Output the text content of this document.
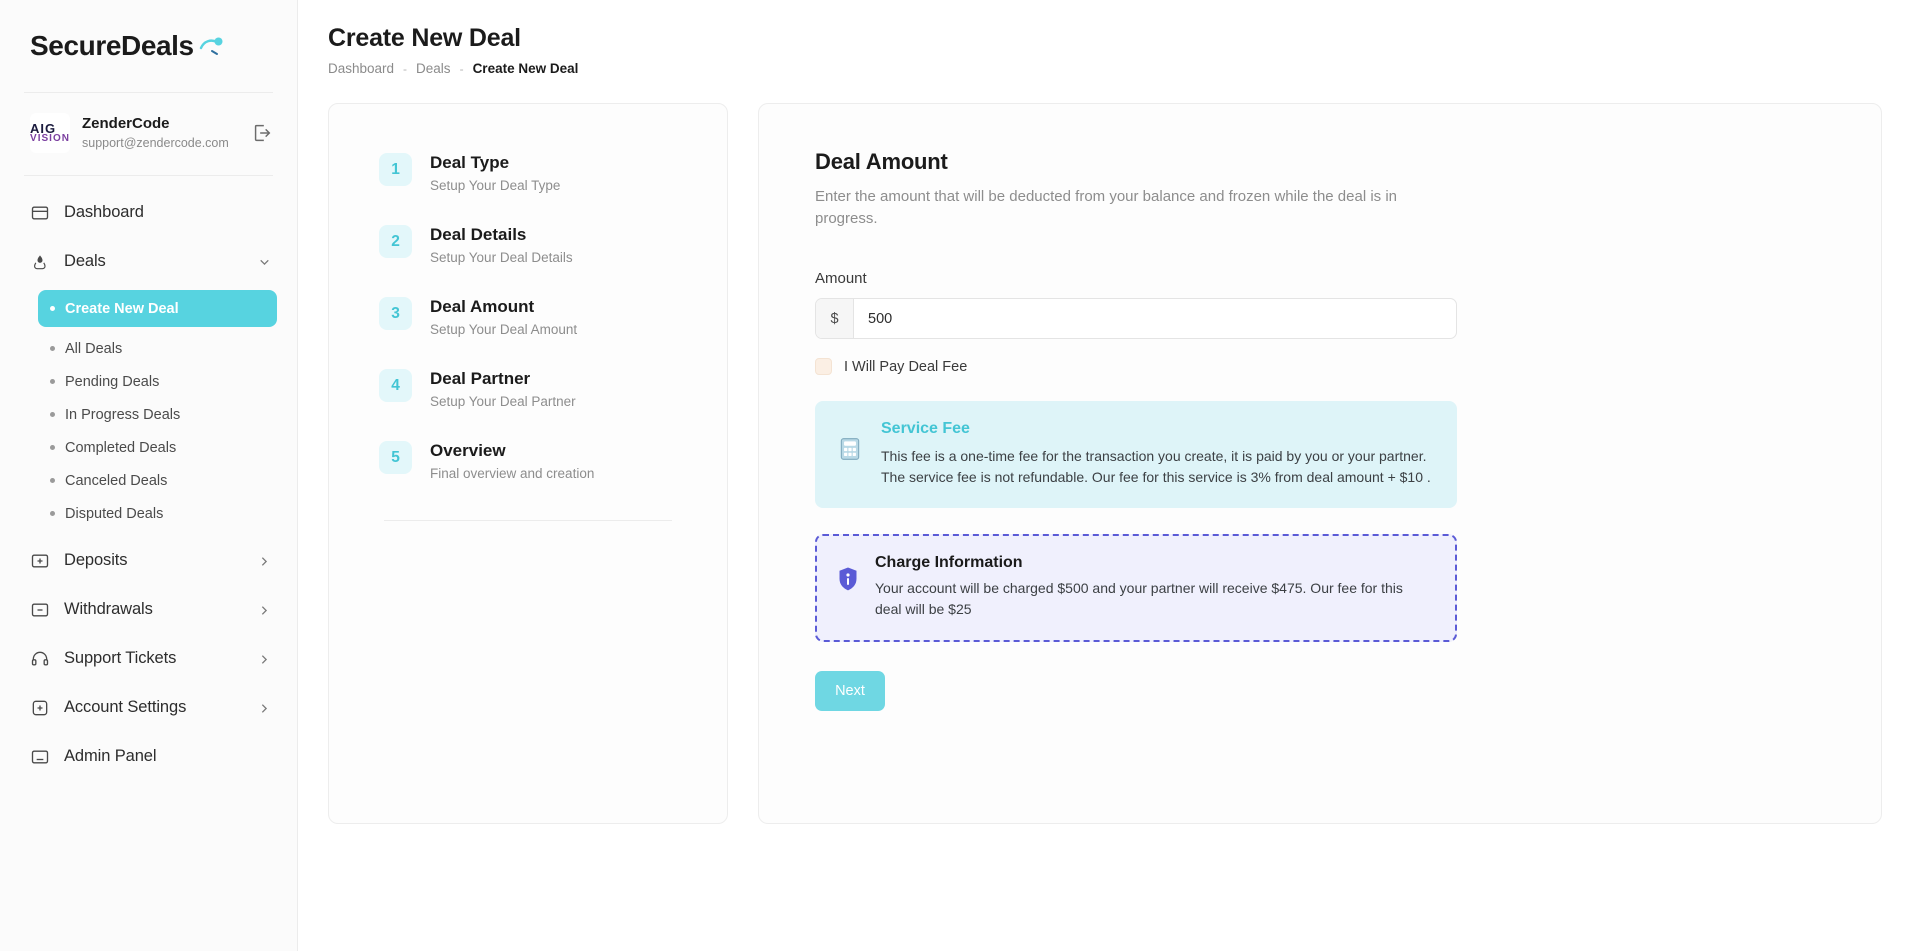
SecureDeals
AIG
VISION
ZenderCode
support@zendercode.com
Dashboard
Deals
Create New Deal
All Deals
Pending Deals
In Progress Deals
Completed Deals
Canceled Deals
Disputed Deals
Deposits
Withdrawals
Support Tickets
Account Settings
Admin Panel
Create New Deal
Dashboard - Deals - Create New Deal
1	Deal Type
Setup Your Deal Type
2	Deal Details
Setup Your Deal Details
3	Deal Amount
Setup Your Deal Amount
4	Deal Partner
Setup Your Deal Partner
5	Overview
Final overview and creation
Deal Amount
Enter the amount that will be deducted from your balance and frozen while the deal is in progress.
Amount
$
500
I Will Pay Deal Fee
Service Fee
This fee is a one-time fee for the transaction you create, it is paid by you or your partner. The service fee is not refundable. Our fee for this service is 3% from deal amount + $10 .
Charge Information
Your account will be charged $500 and your partner will receive $475. Our fee for this deal will be $25
Next
